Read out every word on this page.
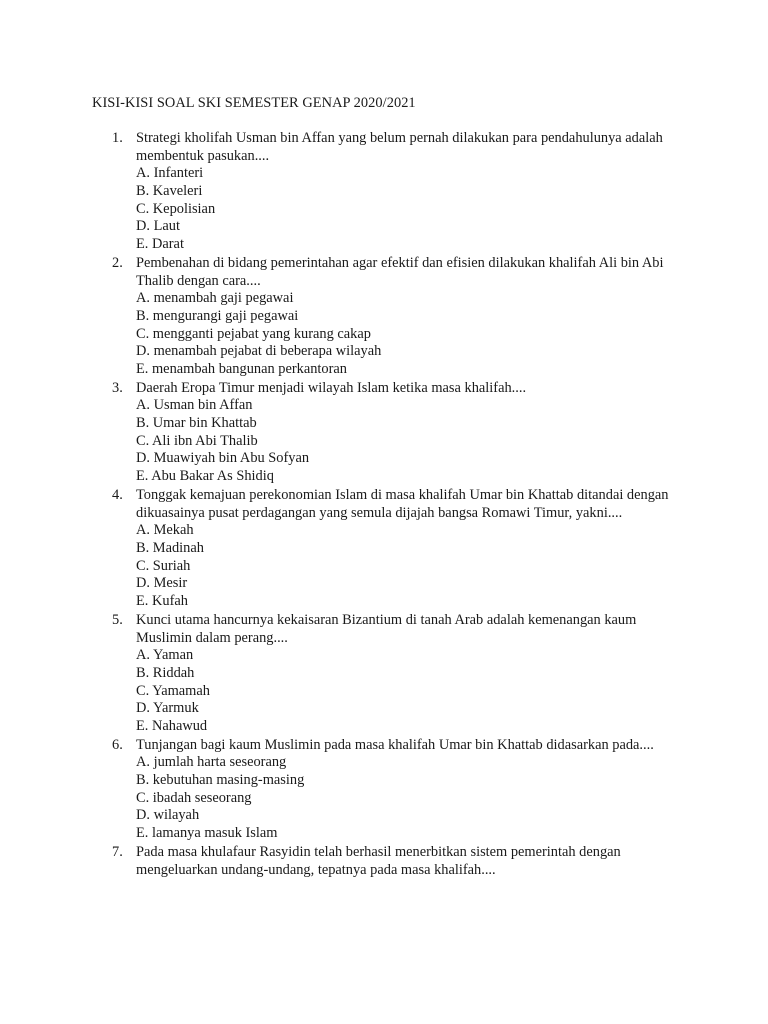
KISI-KISI SOAL SKI SEMESTER GENAP 2020/2021
1. Strategi kholifah Usman bin Affan yang belum pernah dilakukan para pendahulunya adalah membentuk pasukan....
A. Infanteri
B. Kaveleri
C. Kepolisian
D. Laut
E. Darat
2. Pembenahan di bidang pemerintahan agar efektif dan efisien dilakukan khalifah Ali bin Abi Thalib dengan cara....
A. menambah gaji pegawai
B. mengurangi gaji pegawai
C. mengganti pejabat yang kurang cakap
D. menambah pejabat di beberapa wilayah
E. menambah bangunan perkantoran
3. Daerah Eropa Timur menjadi wilayah Islam ketika masa khalifah....
A. Usman bin Affan
B. Umar bin Khattab
C. Ali ibn Abi Thalib
D. Muawiyah bin Abu Sofyan
E. Abu Bakar As Shidiq
4. Tonggak kemajuan perekonomian Islam di masa khalifah Umar bin Khattab ditandai dengan dikuasainya pusat perdagangan yang semula dijajah bangsa Romawi Timur, yakni....
A. Mekah
B. Madinah
C. Suriah
D. Mesir
E. Kufah
5. Kunci utama hancurnya kekaisaran Bizantium di tanah Arab adalah kemenangan kaum Muslimin dalam perang....
A. Yaman
B. Riddah
C. Yamamah
D. Yarmuk
E. Nahawud
6. Tunjangan bagi kaum Muslimin pada masa khalifah Umar bin Khattab didasarkan pada....
A. jumlah harta seseorang
B. kebutuhan masing-masing
C. ibadah seseorang
D. wilayah
E. lamanya masuk Islam
7. Pada masa khulafaur Rasyidin telah berhasil menerbitkan sistem pemerintah dengan mengeluarkan undang-undang, tepatnya pada masa khalifah....
